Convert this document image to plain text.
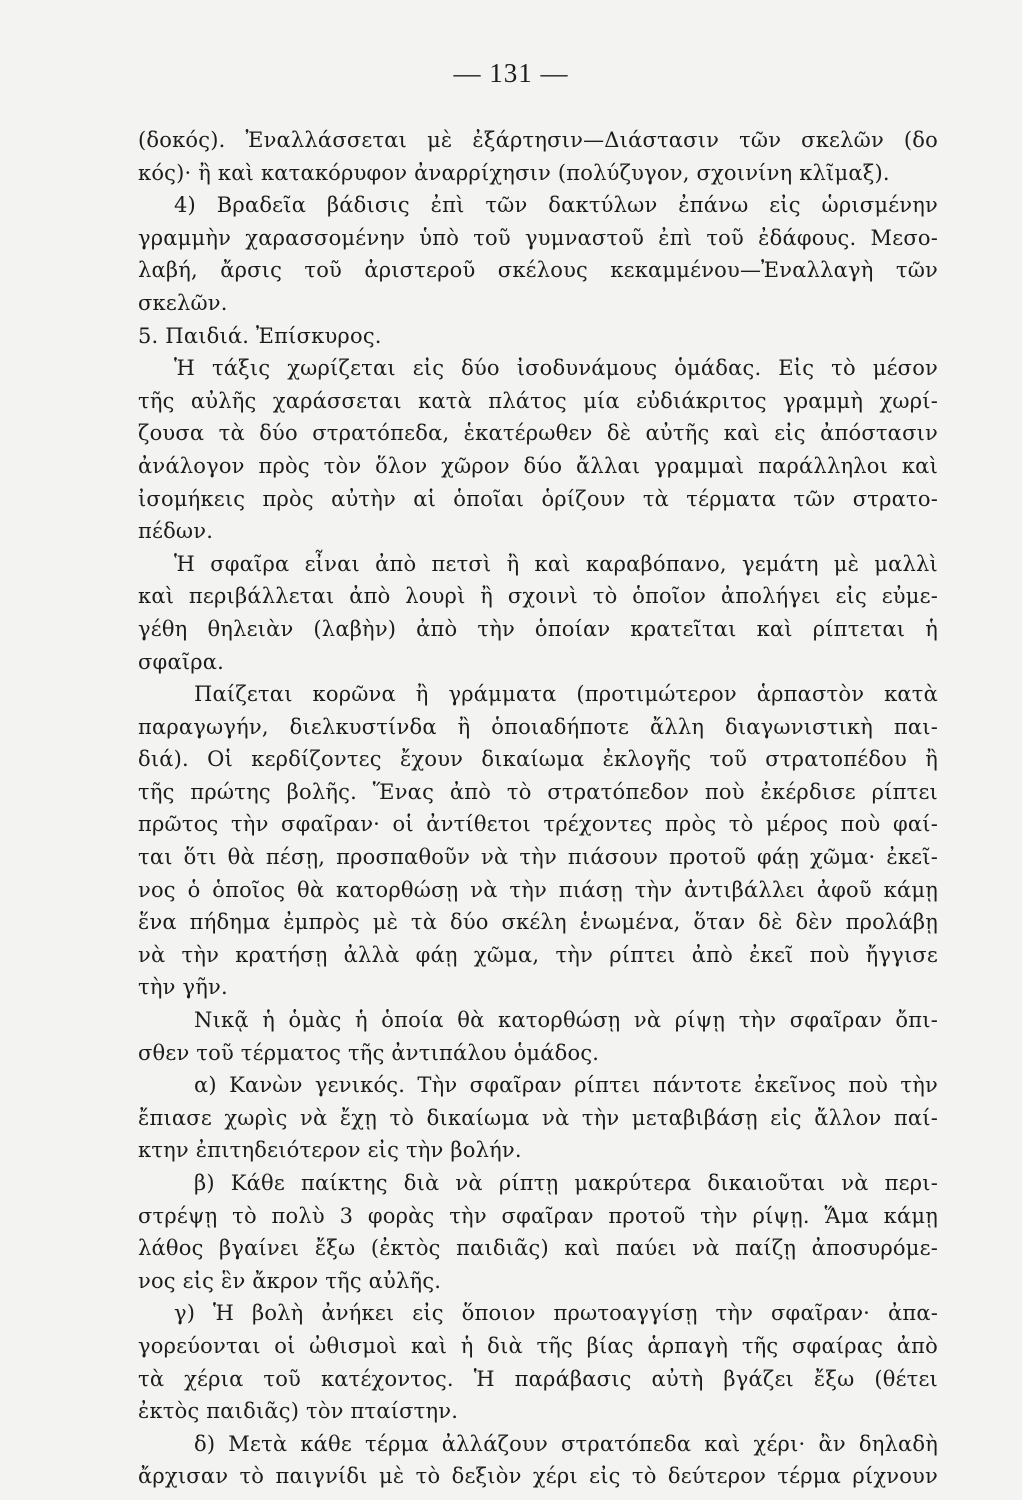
— 131 —
(δοκός). Ἐναλλάσσεται μὲ ἐξάρτησιν—Διάστασιν τῶν σκελῶν (δο
κός)· ἢ καὶ κατακόρυφον ἀναρρίχησιν (πολύζυγον, σχοινίνη κλῖμαξ).
4) Βραδεῖα βάδισις ἐπὶ τῶν δακτύλων ἐπάνω εἰς ὡρισμένην
γραμμὴν χαρασσομένην ὑπὸ τοῦ γυμναστοῦ ἐπὶ τοῦ ἐδάφους. Μεσο-
λαβή, ἄρσις τοῦ ἀριστεροῦ σκέλους κεκαμμένου—Ἐναλλαγὴ τῶν
σκελῶν.
5. Παιδιά. Ἐπίσκυρος.
Ἡ τάξις χωρίζεται εἰς δύο ἰσοδυνάμους ὁμάδας. Εἰς τὸ μέσον
τῆς αὐλῆς χαράσσεται κατὰ πλάτος μία εὐδιάκριτος γραμμὴ χωρί-
ζουσα τὰ δύο στρατόπεδα, ἑκατέρωθεν δὲ αὐτῆς καὶ εἰς ἀπόστασιν
ἀνάλογον πρὸς τὸν ὅλον χῶρον δύο ἄλλαι γραμμαὶ παράλληλοι καὶ
ἰσομήκεις πρὸς αὐτὴν αἱ ὁποῖαι ὁρίζουν τὰ τέρματα τῶν στρατο-
πέδων.
Ἡ σφαῖρα εἶναι ἀπὸ πετσὶ ἢ καὶ καραβόπανο, γεμάτη μὲ μαλλὶ
καὶ περιβάλλεται ἀπὸ λουρὶ ἢ σχοινὶ τὸ ὁποῖον ἀπολήγει εἰς εὐμε-
γέθη θηλειὰν (λαβὴν) ἀπὸ τὴν ὁποίαν κρατεῖται καὶ ρίπτεται ἡ
σφαῖρα.
Παίζεται κορῶνα ἢ γράμματα (προτιμώτερον ἁρπαστὸν κατὰ
παραγωγήν, διελκυστίνδα ἢ ὁποιαδήποτε ἄλλη διαγωνιστικὴ παι-
διά). Οἱ κερδίζοντες ἔχουν δικαίωμα ἐκλογῆς τοῦ στρατοπέδου ἢ
τῆς πρώτης βολῆς. Ἕνας ἀπὸ τὸ στρατόπεδον ποὺ ἐκέρδισε ρίπτει
πρῶτος τὴν σφαῖραν· οἱ ἀντίθετοι τρέχοντες πρὸς τὸ μέρος ποὺ φαί-
ται ὅτι θὰ πέσῃ, προσπαθοῦν νὰ τὴν πιάσουν προτοῦ φάῃ χῶμα· ἐκεῖ-
νος ὁ ὁποῖος θὰ κατορθώσῃ νὰ τὴν πιάσῃ τὴν ἀντιβάλλει ἀφοῦ κάμῃ
ἕνα πήδημα ἐμπρὸς μὲ τὰ δύο σκέλη ἑνωμένα, ὅταν δὲ δὲν προλάβῃ
νὰ τὴν κρατήσῃ ἀλλὰ φάῃ χῶμα, τὴν ρίπτει ἀπὸ ἐκεῖ ποὺ ἤγγισε
τὴν γῆν.
Νικᾷ ἡ ὁμὰς ἡ ὁποία θὰ κατορθώσῃ νὰ ρίψῃ τὴν σφαῖραν ὄπι-
σθεν τοῦ τέρματος τῆς ἀντιπάλου ὁμάδος.
α) Κανὼν γενικός. Τὴν σφαῖραν ρίπτει πάντοτε ἐκεῖνος ποὺ τὴν
ἔπιασε χωρὶς νὰ ἔχῃ τὸ δικαίωμα νὰ τὴν μεταβιβάσῃ εἰς ἄλλον παί-
κτην ἐπιτηδειότερον εἰς τὴν βολήν.
β) Κάθε παίκτης διὰ νὰ ρίπτῃ μακρύτερα δικαιοῦται νὰ περι-
στρέψῃ τὸ πολὺ 3 φορὰς τὴν σφαῖραν προτοῦ τὴν ρίψῃ. Ἅμα κάμῃ
λάθος βγαίνει ἔξω (ἐκτὸς παιδιᾶς) καὶ παύει νὰ παίζῃ ἀποσυρόμε-
νος εἰς ἓν ἄκρον τῆς αὐλῆς.
γ) Ἡ βολὴ ἀνήκει εἰς ὅποιον πρωτοαγγίσῃ τὴν σφαῖραν· ἀπα-
γορεύονται οἱ ὠθισμοὶ καὶ ἡ διὰ τῆς βίας ἁρπαγὴ τῆς σφαίρας ἀπὸ
τὰ χέρια τοῦ κατέχοντος. Ἡ παράβασις αὐτὴ βγάζει ἔξω (θέτει
ἐκτὸς παιδιᾶς) τὸν πταίστην.
δ) Μετὰ κάθε τέρμα ἀλλάζουν στρατόπεδα καὶ χέρι· ἂν δηλαδὴ
ἄρχισαν τὸ παιγνίδι μὲ τὸ δεξιὸν χέρι εἰς τὸ δεύτερον τέρμα ρίχνουν
